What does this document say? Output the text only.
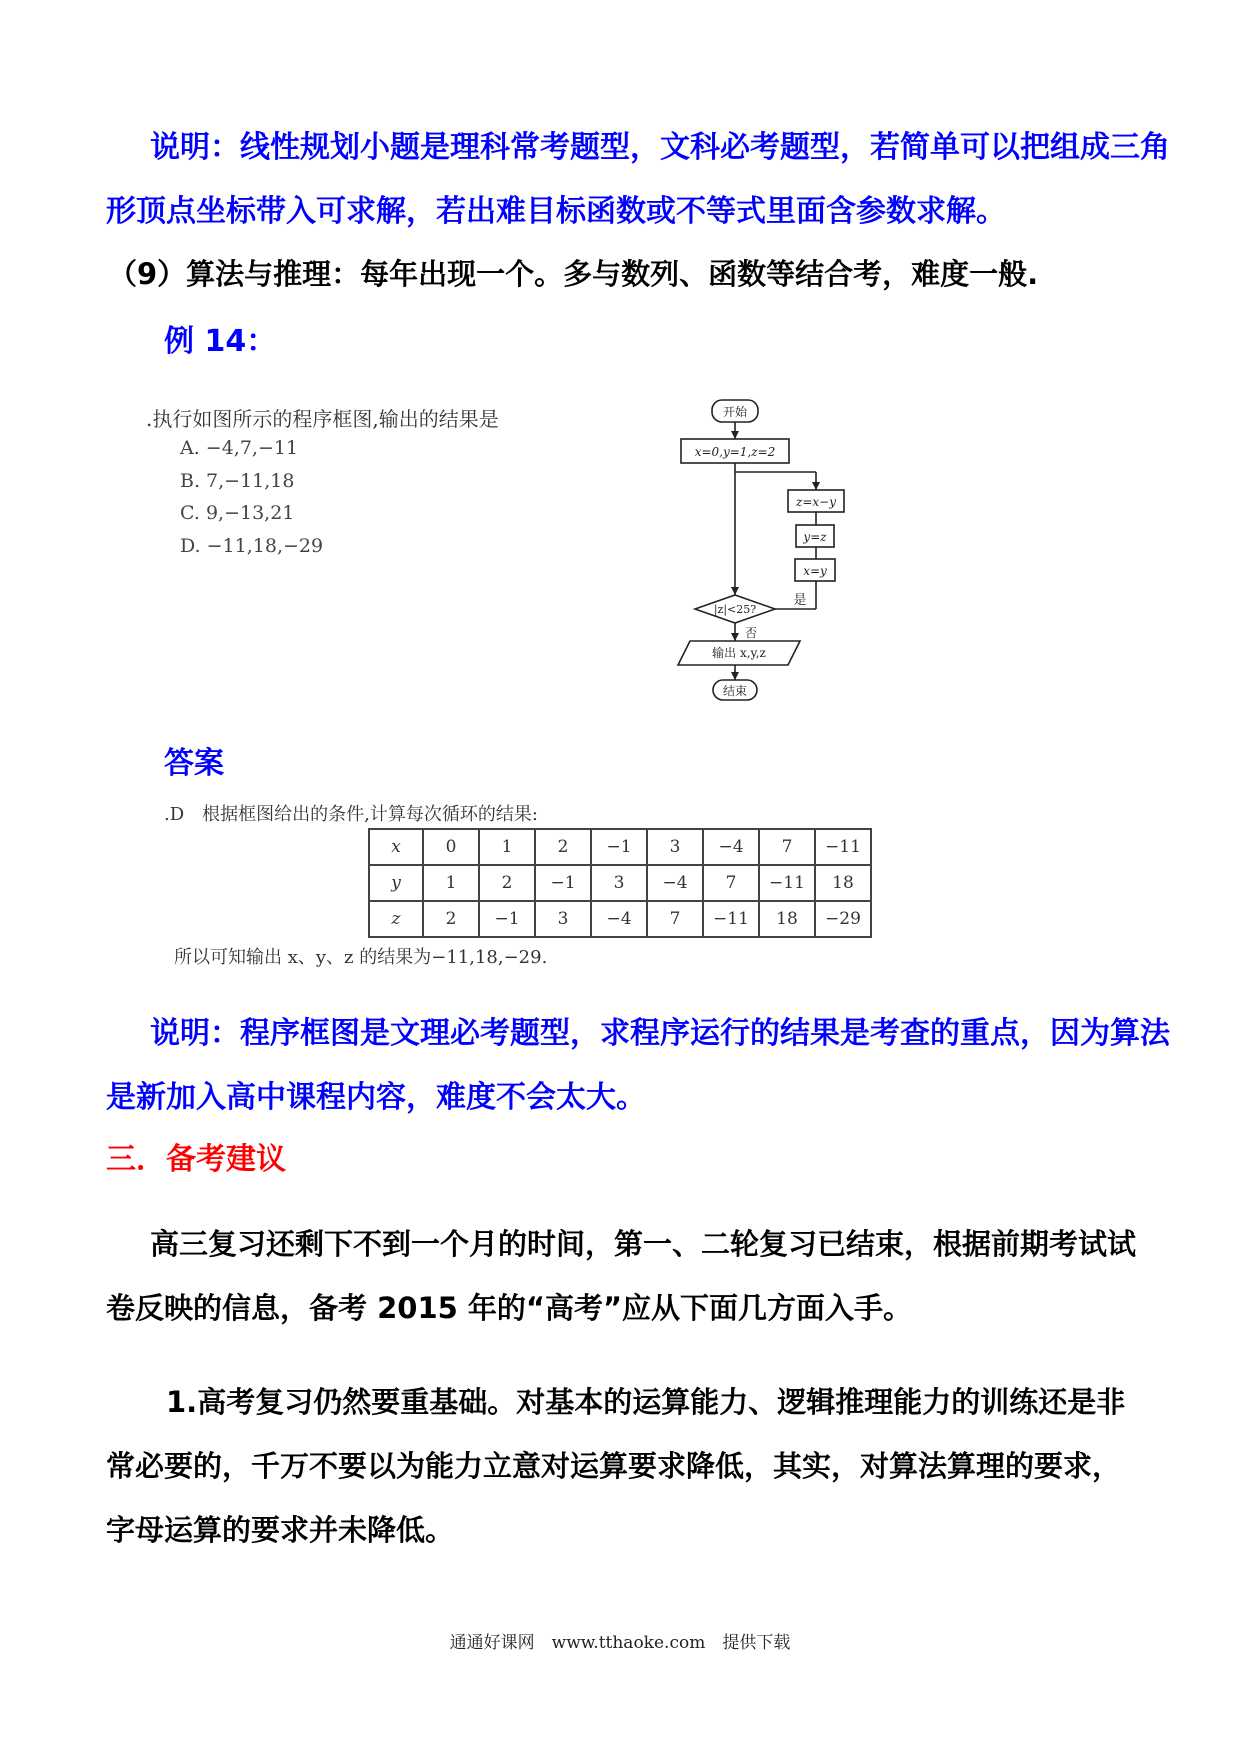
说明：线性规划小题是理科常考题型，文科必考题型，若简单可以把组成三角
形顶点坐标带入可求解，若出难目标函数或不等式里面含参数求解。
（9）算法与推理：每年出现一个。多与数列、函数等结合考，难度一般.
例 14：
.执行如图所示的程序框图,输出的结果是
A. −4,7,−11
B. 7,−11,18
C. 9,−13,21
D. −11,18,−29
开始
x=0,y=1,z=2
z=x−y
y=z
x=y
|z|<25?
是
否
输出 x,y,z
结束
答案
.D　根据框图给出的条件,计算每次循环的结果:
x	0	1	2	−1	3	−4	7	−11
y	1	2	−1	3	−4	7	−11	18
z	2	−1	3	−4	7	−11	18	−29
所以可知输出 x、y、z 的结果为−11,18,−29.
说明：程序框图是文理必考题型，求程序运行的结果是考查的重点，因为算法
是新加入高中课程内容，难度不会太大。
三．备考建议
高三复习还剩下不到一个月的时间，第一、二轮复习已结束，根据前期考试试
卷反映的信息，备考 2015 年的“高考”应从下面几方面入手。
1.高考复习仍然要重基础。对基本的运算能力、逻辑推理能力的训练还是非
常必要的，千万不要以为能力立意对运算要求降低，其实，对算法算理的要求，
字母运算的要求并未降低。
通通好课网　www.tthaoke.com　提供下载
